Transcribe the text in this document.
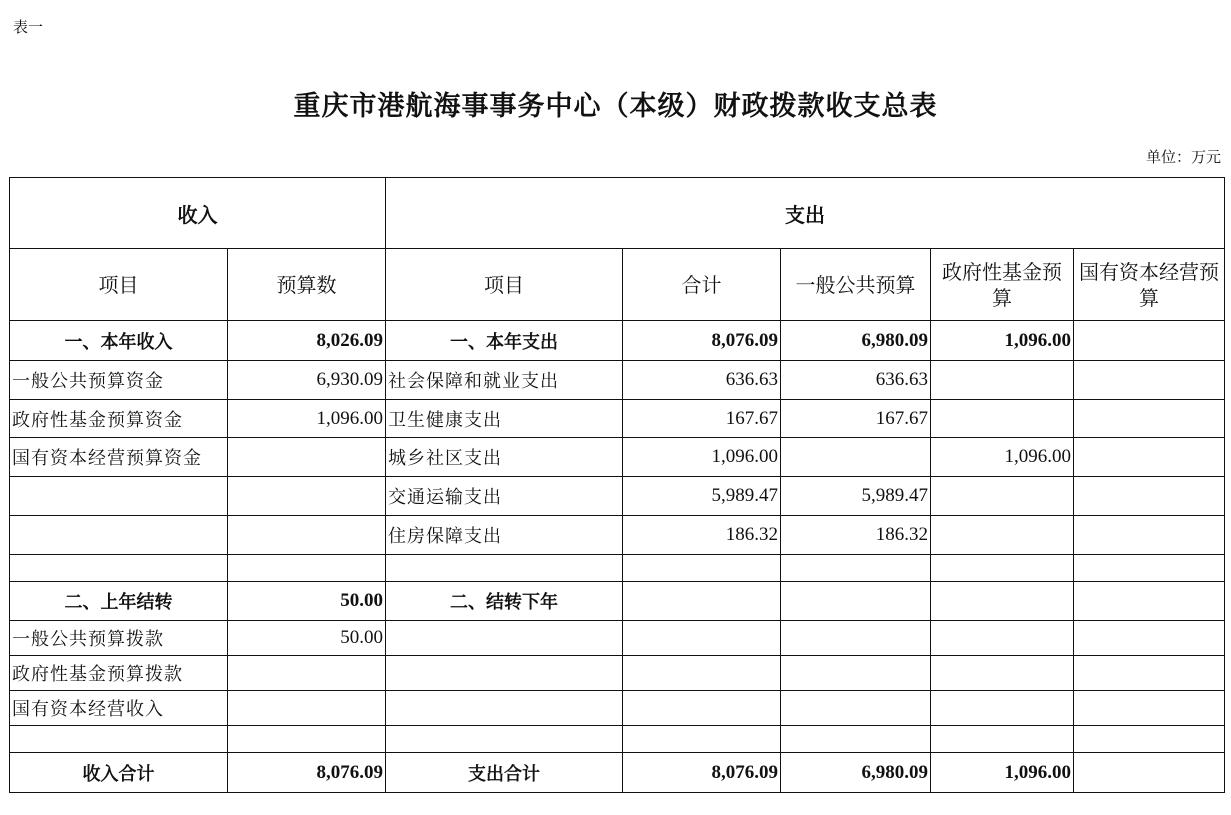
表一
重庆市港航海事事务中心（本级）财政拨款收支总表
单位：万元
收入		支出				
项目	预算数	项目	合计	一般公共预算	政府性基金预算	国有资本经营预算
一、本年收入	8,026.09	一、本年支出	8,076.09	6,980.09	1,096.00	
一般公共预算资金	6,930.09	社会保障和就业支出	636.63	636.63		
政府性基金预算资金	1,096.00	卫生健康支出	167.67	167.67		
国有资本经营预算资金		城乡社区支出	1,096.00		1,096.00	
		交通运输支出	5,989.47	5,989.47		
		住房保障支出	186.32	186.32		

二、上年结转	50.00	二、结转下年				
一般公共预算拨款	50.00					
政府性基金预算拨款						
国有资本经营收入						

收入合计	8,076.09	支出合计	8,076.09	6,980.09	1,096.00	
